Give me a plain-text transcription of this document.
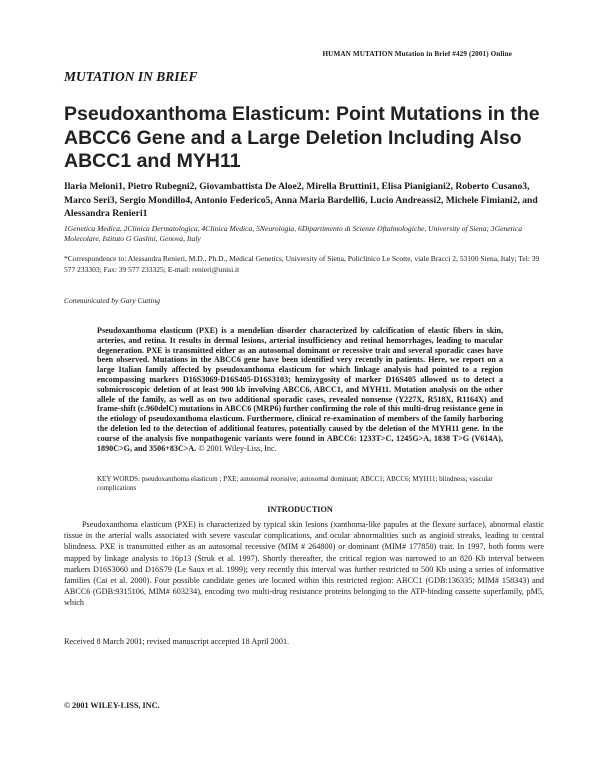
HUMAN MUTATION Mutation in Brief #429 (2001) Online
MUTATION IN BRIEF
Pseudoxanthoma Elasticum: Point Mutations in the ABCC6 Gene and a Large Deletion Including Also ABCC1 and MYH11
Ilaria Meloni1, Pietro Rubegni2, Giovambattista De Aloe2, Mirella Bruttini1, Elisa Pianigiani2, Roberto Cusano3, Marco Seri3, Sergio Mondillo4, Antonio Federico5, Anna Maria Bardelli6, Lucio Andreassi2, Michele Fimiani2, and Alessandra Renieri1
1Genetica Medica, 2Clinica Dermatologica, 4Clinica Medica, 5Neurologia, 6Dipartimento di Scienze Oftalmologiche, University of Siena; 3Genetica Molecolare, Istituto G Gaslini, Genova, Italy
*Correspondence to: Alessandra Renieri, M.D., Ph.D., Medical Genetics, University of Siena, Policlinico Le Scotte, viale Bracci 2, 53100 Siena, Italy; Tel: 39 577 233303; Fax: 39 577 233325; E-mail: renieri@unisi.it
Communicated by Gary Cutting
Pseudoxanthoma elasticum (PXE) is a mendelian disorder characterized by calcification of elastic fibers in skin, arteries, and retina. It results in dermal lesions, arterial insufficiency and retinal hemorrhages, leading to macular degeneration. PXE is transmitted either as an autosomal dominant or recessive trait and several sporadic cases have been observed. Mutations in the ABCC6 gene have been identified very recently in patients. Here, we report on a large Italian family affected by pseudoxanthoma elasticum for which linkage analysis had pointed to a region encompassing markers D16S3069-D16S405-D16S3103; hemizygosity of marker D16S405 allowed us to detect a submicroscopic deletion of at least 900 kb involving ABCC6, ABCC1, and MYH11. Mutation analysis on the other allele of the family, as well as on two additional sporadic cases, revealed nonsense (Y227X, R518X, R1164X) and frame-shift (c.960delC) mutations in ABCC6 (MRP6) further confirming the role of this multi-drug resistance gene in the etiology of pseudoxanthoma elasticum. Furthermore, clinical re-examination of members of the family harboring the deletion led to the detection of additional features, potentially caused by the deletion of the MYH11 gene. In the course of the analysis five nonpathogenic variants were found in ABCC6: 1233T>C, 1245G>A, 1838 T>G (V614A), 1890C>G, and 3506+83C>A. © 2001 Wiley-Liss, Inc.
KEY WORDS: pseudoxanthoma elasticum ; PXE; autosomal recessive; autosomal dominant; ABCC1; ABCC6; MYH11; blindness; vascular complications
INTRODUCTION

Pseudoxanthoma elasticum (PXE) is characterized by typical skin lesions (xanthoma-like papules at the flexure surface), abnormal elastic tissue in the arterial walls associated with severe vascular complications, and ocular abnormalities such as angioid streaks, leading to central blindness. PXE is transmitted either as an autosomal recessive (MIM # 264800) or dominant (MIM# 177850) trait. In 1997, both forms were mapped by linkage analysis to 16p13 (Struk et al. 1997). Shortly thereafter, the critical region was narrowed to an 820 Kb interval between markers D16S3060 and D16S79 (Le Saux et al. 1999); very recently this interval was further restricted to 500 Kb using a series of informative families (Cai et al. 2000). Four possible candidate genes are located within this restricted region: ABCC1 (GDB:136335; MIM# 158343) and ABCC6 (GDB:9315106, MIM# 603234), encoding two multi-drug resistance proteins belonging to the ATP-binding cassette superfamily, pM5, which

Received 8 March 2001; revised manuscript accepted 18 April 2001.
© 2001 WILEY-LISS, INC.
